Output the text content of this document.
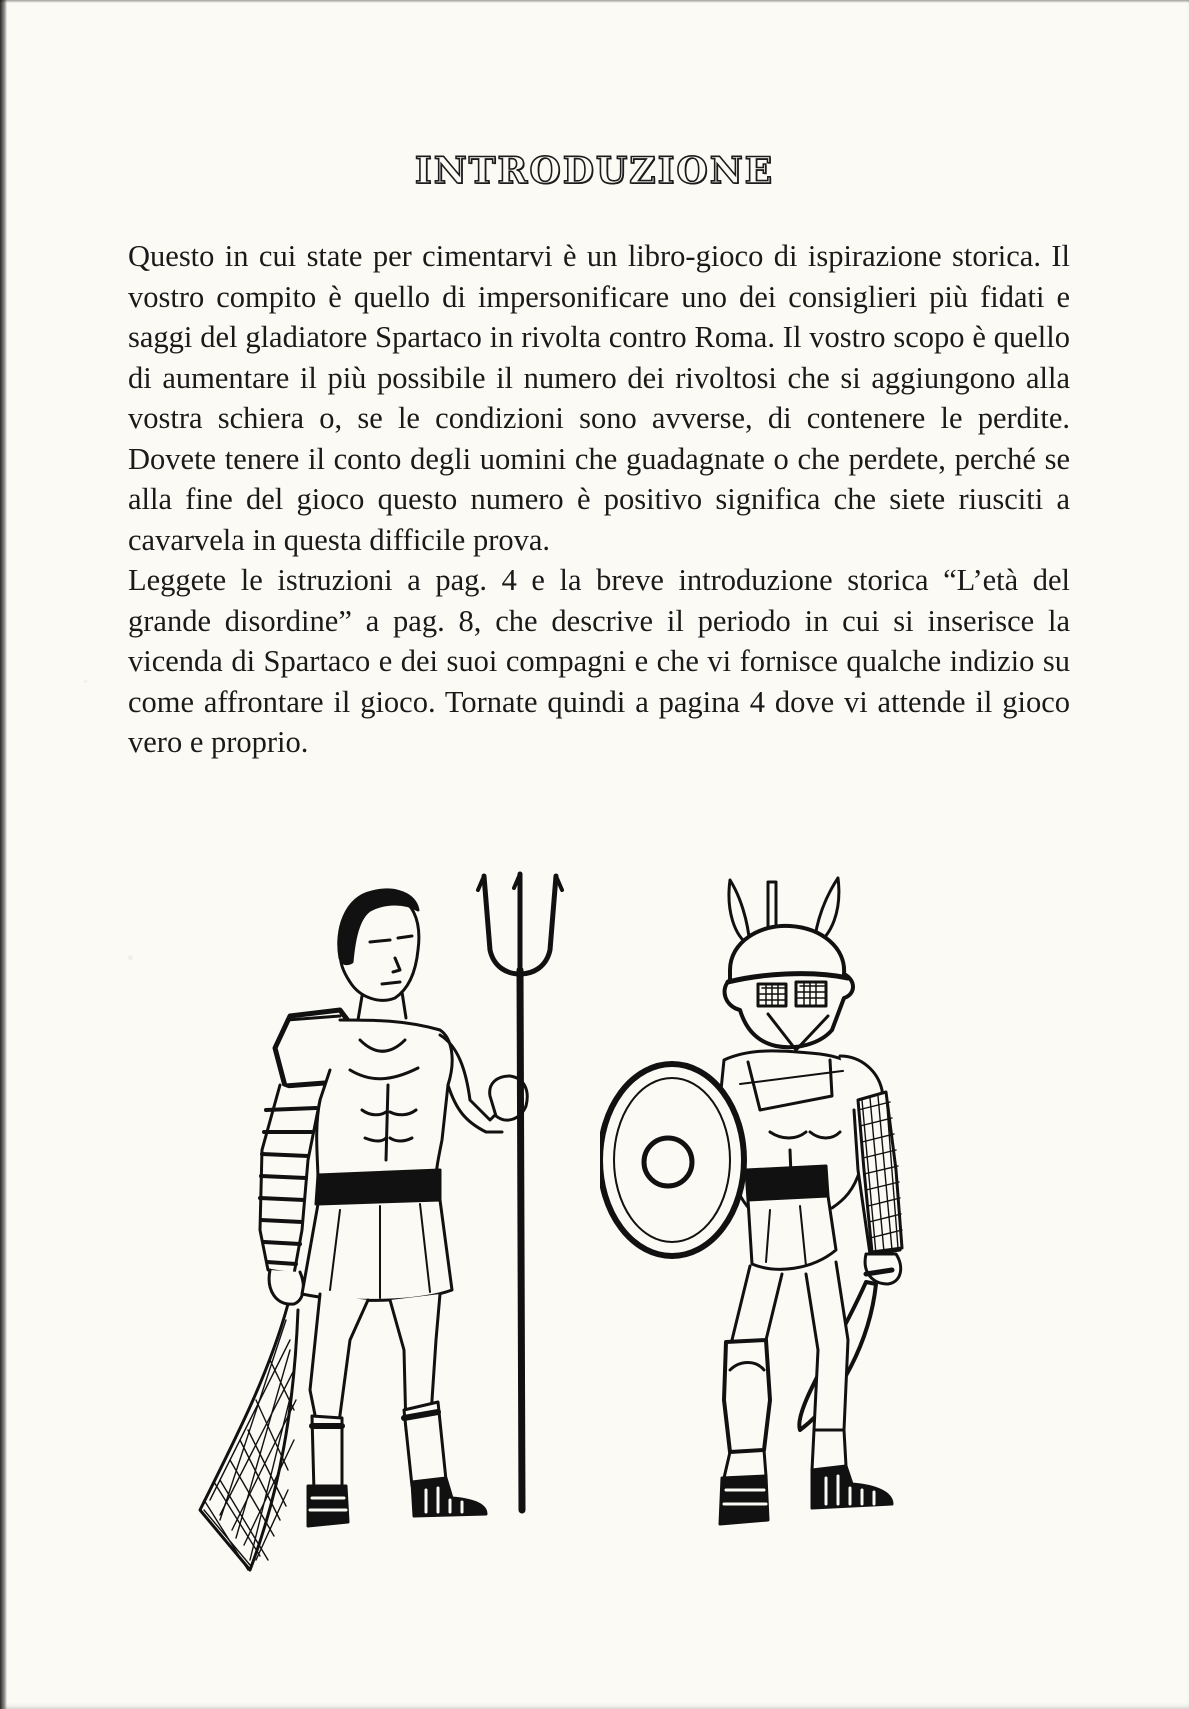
INTRODUZIONE

Questo in cui state per cimentarvi è un libro-gioco di ispirazione storica. Il vostro compito è quello di impersonificare uno dei consiglieri più fidati e saggi del gladiatore Spartaco in rivolta contro Roma. Il vostro scopo è quello di aumentare il più possibile il numero dei rivoltosi che si aggiungono alla vostra schiera o, se le condizioni sono avverse, di contenere le perdite. Dovete tenere il conto degli uomini che guadagnate o che perdete, perché se alla fine del gioco questo numero è positivo significa che siete riusciti a cavarvela in questa difficile prova.

Leggete le istruzioni a pag. 4 e la breve introduzione storica “L’età del grande disordine” a pag. 8, che descrive il periodo in cui si inserisce la vicenda di Spartaco e dei suoi compagni e che vi fornisce qualche indizio su come affrontare il gioco. Tornate quindi a pagina 4 dove vi attende il gioco vero e proprio.
